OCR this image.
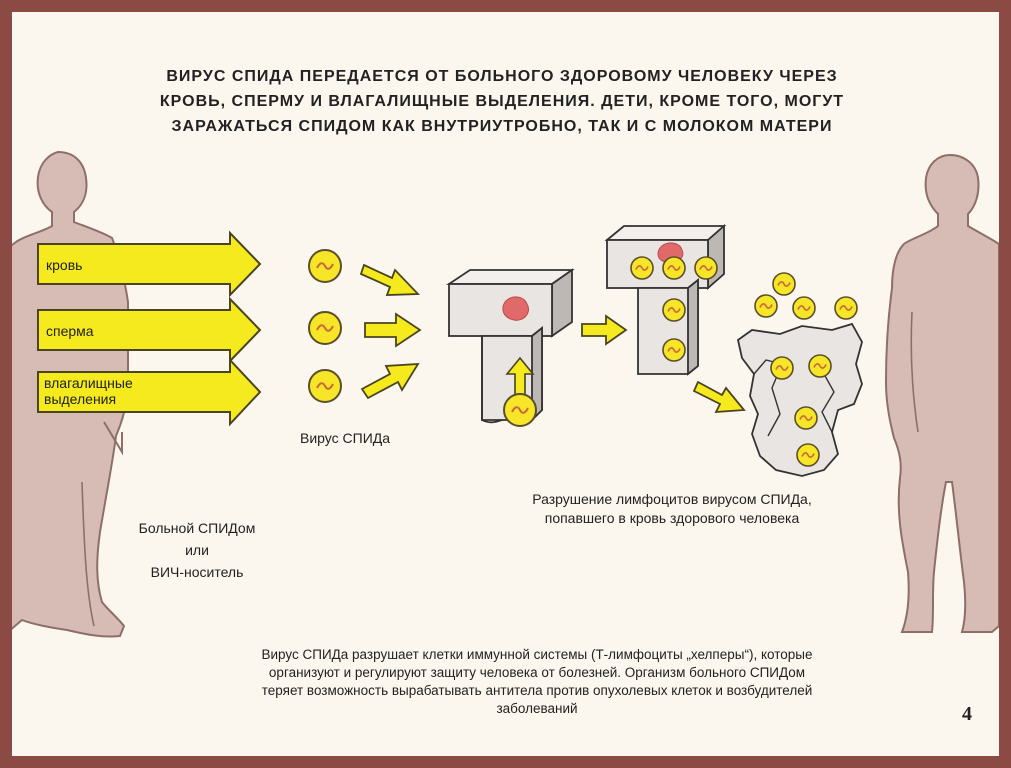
кровь
сперма
влагалищные выделения
ВИРУС СПИДА ПЕРЕДАЕТСЯ ОТ БОЛЬНОГО ЗДОРОВОМУ ЧЕЛОВЕКУ ЧЕРЕЗ
КРОВЬ, СПЕРМУ И ВЛАГАЛИЩНЫЕ ВЫДЕЛЕНИЯ. ДЕТИ, КРОМЕ ТОГО, МОГУТ
ЗАРАЖАТЬСЯ СПИДОМ КАК ВНУТРИУТРОБНО, ТАК И С МОЛОКОМ МАТЕРИ
Вирус СПИДа
Больной СПИДом
или
ВИЧ-носитель
Разрушение лимфоцитов вирусом СПИДа,
попавшего в кровь здорового человека
Вирус СПИДа разрушает клетки иммунной системы (Т-лимфоциты „хелперы“), которые
организуют и регулируют защиту человека от болезней. Организм больного СПИДом
теряет возможность вырабатывать антитела против опухолевых клеток и возбудителей
заболеваний	4
